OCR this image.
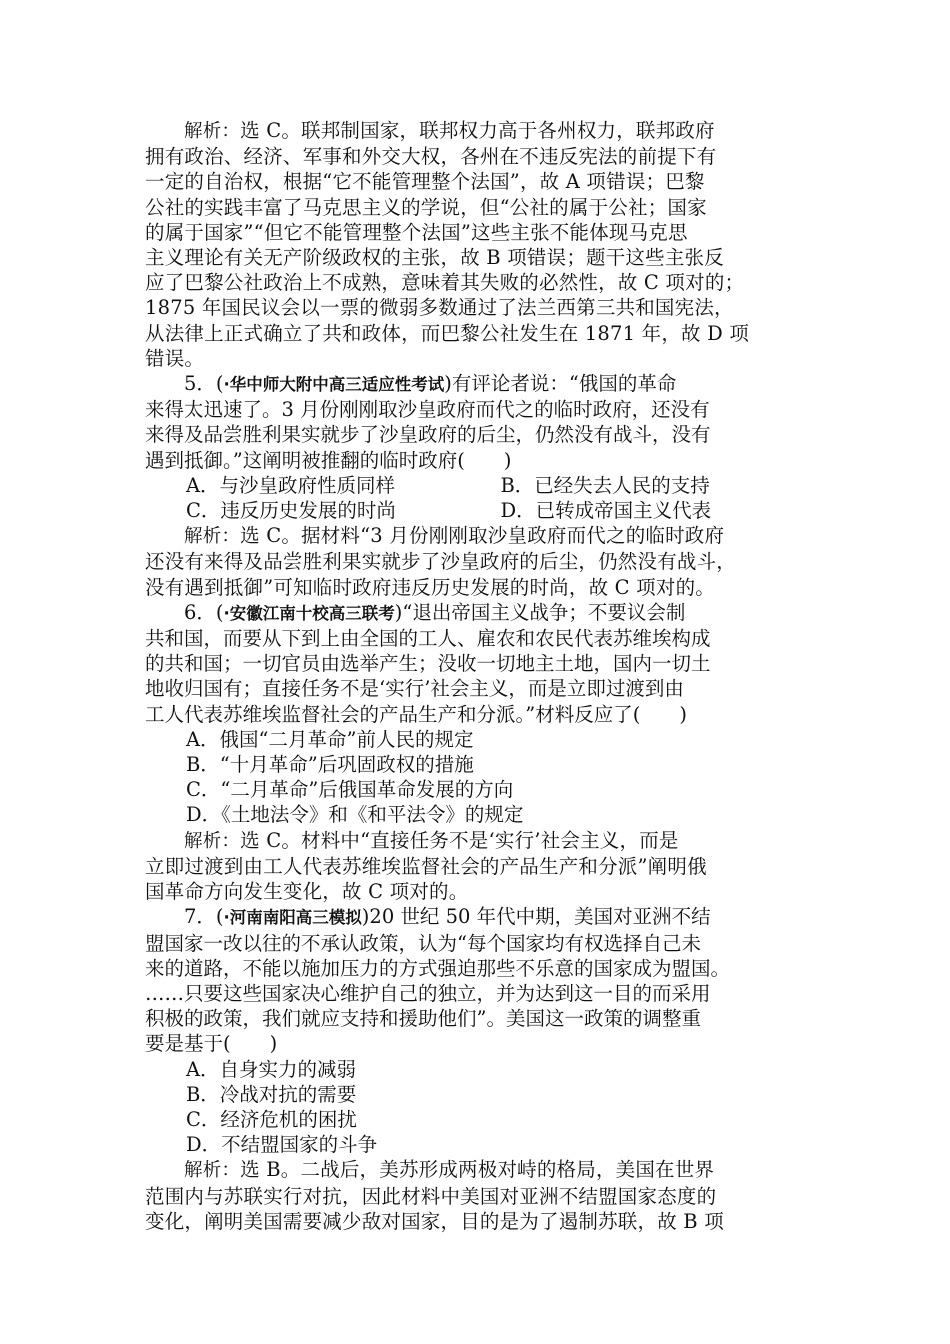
解析：选 C。联邦制国家，联邦权力高于各州权力，联邦政府

拥有政治、经济、军事和外交大权，各州在不违反宪法的前提下有

一定的自治权，根据“它不能管理整个法国”，故 A 项错误；巴黎

公社的实践丰富了马克思主义的学说，但“公社的属于公社；国家

的属于国家”“但它不能管理整个法国”这些主张不能体现马克思

主义理论有关无产阶级政权的主张，故 B 项错误；题干这些主张反

应了巴黎公社政治上不成熟，意味着其失败的必然性，故 C 项对的；

1875 年国民议会以一票的微弱多数通过了法兰西第三共和国宪法，

从法律上正式确立了共和政体，而巴黎公社发生在 1871 年，故 D 项

错误。

5．(·华中师大附中高三适应性考试)有评论者说：“俄国的革命

来得太迅速了。3 月份刚刚取沙皇政府而代之的临时政府，还没有

来得及品尝胜利果实就步了沙皇政府的后尘，仍然没有战斗，没有

遇到抵御。”这阐明被推翻的临时政府(　　)

A．与沙皇政府性质同样	B．已经失去人民的支持
C．违反历史发展的时尚	D．已转成帝国主义代表

解析：选 C。据材料“3 月份刚刚取沙皇政府而代之的临时政府

还没有来得及品尝胜利果实就步了沙皇政府的后尘，仍然没有战斗，

没有遇到抵御”可知临时政府违反历史发展的时尚，故 C 项对的。

6．(·安徽江南十校高三联考)“退出帝国主义战争；不要议会制

共和国，而要从下到上由全国的工人、雇农和农民代表苏维埃构成

的共和国；一切官员由选举产生；没收一切地主土地，国内一切土

地收归国有；直接任务不是‘实行’社会主义，而是立即过渡到由

工人代表苏维埃监督社会的产品生产和分派。”材料反应了(　　)

A．俄国“二月革命”前人民的规定

B．“十月革命”后巩固政权的措施

C．“二月革命”后俄国革命发展的方向

D．《土地法令》和《和平法令》的规定

解析：选 C。材料中“直接任务不是‘实行’社会主义，而是

立即过渡到由工人代表苏维埃监督社会的产品生产和分派”阐明俄

国革命方向发生变化，故 C 项对的。

7．(·河南南阳高三模拟)20 世纪 50 年代中期，美国对亚洲不结

盟国家一改以往的不承认政策，认为“每个国家均有权选择自己未

来的道路，不能以施加压力的方式强迫那些不乐意的国家成为盟国。

……只要这些国家决心维护自己的独立，并为达到这一目的而采用

积极的政策，我们就应支持和援助他们”。美国这一政策的调整重

要是基于(　　)

A．自身实力的减弱

B．冷战对抗的需要

C．经济危机的困扰

D．不结盟国家的斗争

解析：选 B。二战后，美苏形成两极对峙的格局，美国在世界

范围内与苏联实行对抗，因此材料中美国对亚洲不结盟国家态度的

变化，阐明美国需要减少敌对国家，目的是为了遏制苏联，故 B 项
